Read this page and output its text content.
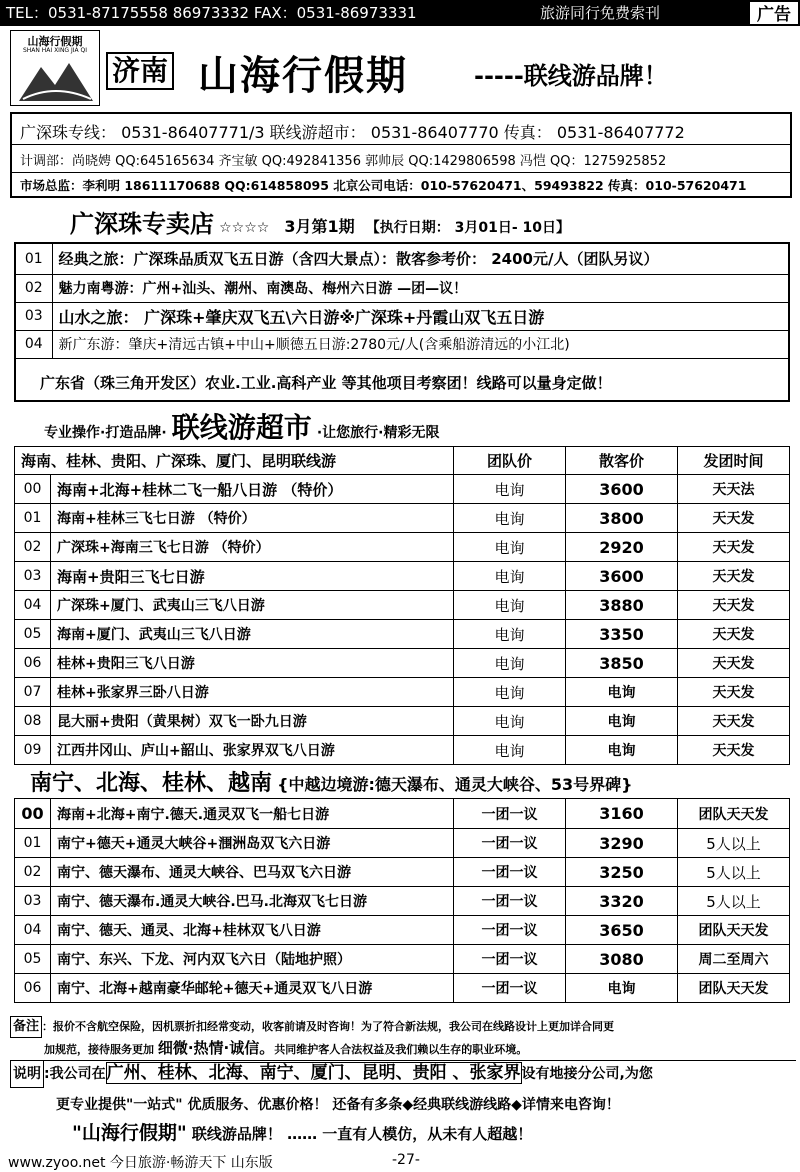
TEL：0531-87175558 86973332 FAX：0531-86973331	旅游同行免费索刊	广告
山海行假期
SHAN HAI XING JIA QI
济南 山海行假期	-----联线游品牌！
广深珠专线： 0531-86407771/3 联线游超市： 0531-86407770 传真： 0531-86407772
计调部：尚晓娉 QQ:645165634 齐宝敏 QQ:492841356 郭帅辰 QQ:1429806598 冯恺 QQ：1275925852
市场总监：李利明 18611170688 QQ:614858095 北京公司电话：010-57620471、59493822 传真：010-57620471
广深珠专卖店 ☆☆☆☆ 3月第1期 【执行日期： 3月01日- 10日】
01	经典之旅：广深珠品质双飞五日游（含四大景点）：散客参考价： 2400元/人（团队另议）
02	魅力南粤游：广州+汕头、潮州、南澳岛、梅州六日游 —团—议！
03	山水之旅： 广深珠+肇庆双飞五\六日游※广深珠+丹霞山双飞五日游
04	新广东游：肇庆+清远古镇+中山+顺德五日游:2780元/人(含乘船游清远的小江北)
广东省（珠三角开发区）农业.工业.高科产业 等其他项目考察团！线路可以量身定做！
专业操作·打造品牌· 联线游超市 ·让您旅行·精彩无限
海南、桂林、贵阳、广深珠、厦门、昆明联线游		团队价	散客价	发团时间
00	海南+北海+桂林二飞一船八日游 （特价）	电询	3600	天天法
01	海南+桂林三飞七日游 （特价）	电询	3800	天天发
02	广深珠+海南三飞七日游 （特价）	电询	2920	天天发
03	海南+贵阳三飞七日游	电询	3600	天天发
04	广深珠+厦门、武夷山三飞八日游	电询	3880	天天发
05	海南+厦门、武夷山三飞八日游	电询	3350	天天发
06	桂林+贵阳三飞八日游	电询	3850	天天发
07	桂林+张家界三卧八日游	电询	电询	天天发
08	昆大丽+贵阳（黄果树）双飞一卧九日游	电询	电询	天天发
09	江西井冈山、庐山+韶山、张家界双飞八日游	电询	电询	天天发
南宁、北海、桂林、越南 {中越边境游:德天瀑布、通灵大峡谷、53号界碑}
00	海南+北海+南宁.德天.通灵双飞一船七日游	一团一议	3160	团队天天发
01	南宁+德天+通灵大峡谷+涠洲岛双飞六日游	一团一议	3290	5人以上
02	南宁、德天瀑布、通灵大峡谷、巴马双飞六日游	一团一议	3250	5人以上
03	南宁、德天瀑布.通灵大峡谷.巴马.北海双飞七日游	一团一议	3320	5人以上
04	南宁、德天、通灵、北海+桂林双飞八日游	一团一议	3650	团队天天发
05	南宁、东兴、下龙、河内双飞六日（陆地护照）	一团一议	3080	周二至周六
06	南宁、北海+越南豪华邮轮+德天+通灵双飞八日游	一团一议	电询	团队天天发
备注 ：报价不含航空保险，因机票折扣经常变动，收客前请及时咨询！为了符合新法规，我公司在线路设计上更加详合同更
加规范，接待服务更加 细微·热情·诚信。共同维护客人合法权益及我们赖以生存的职业环境。
说明 :我公司在广州、桂林、北海、南宁、厦门、昆明、贵阳 、张家界设有地接分公司,为您
更专业提供"一站式" 优质服务、优惠价格！ 还备有多条◆经典联线游线路◆详情来电咨询！
"山海行假期" 联线游品牌！ …… 一直有人模仿，从未有人超越！
www.zyoo.net 今日旅游·畅游天下 山东版	-27-
